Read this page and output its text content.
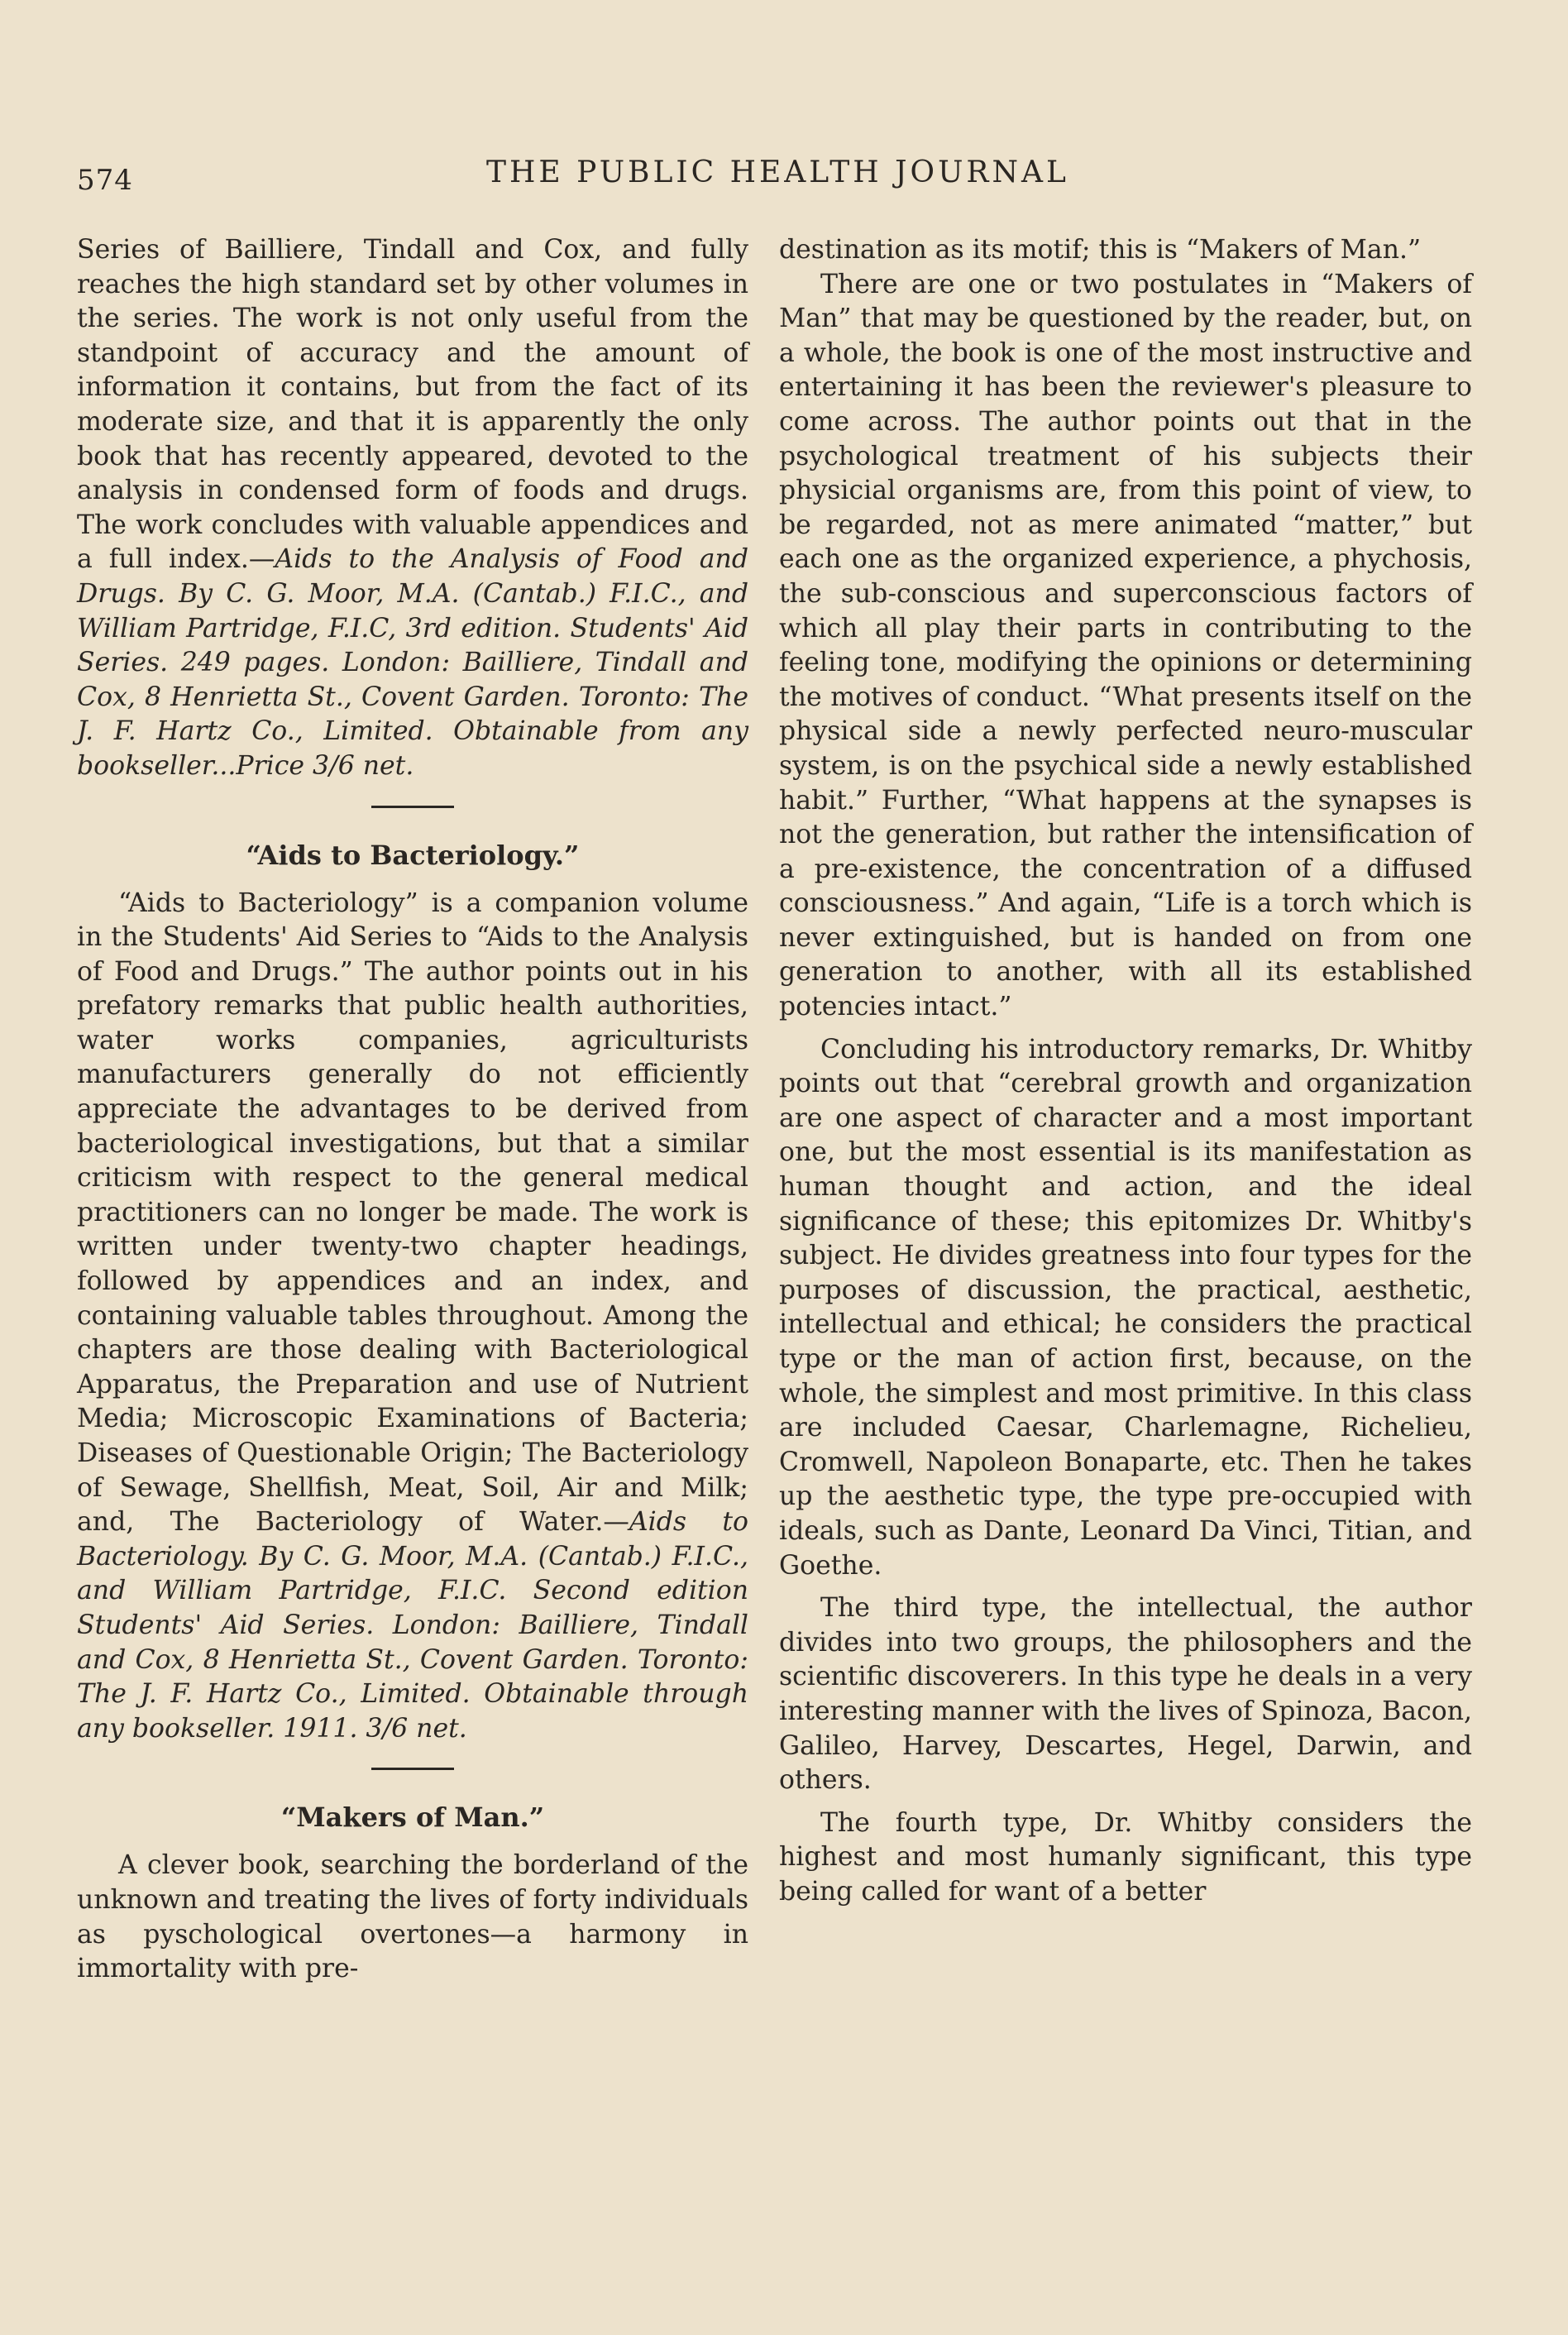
574	THE PUBLIC HEALTH JOURNAL

Series of Bailliere, Tindall and Cox, and fully reaches the high standard set by other volumes in the series. The work is not only useful from the standpoint of accuracy and the amount of information it contains, but from the fact of its moderate size, and that it is apparently the only book that has recently appeared, devoted to the analysis in condensed form of foods and drugs. The work concludes with valuable appendices and a full index.—Aids to the Analysis of Food and Drugs. By C. G. Moor, M.A. (Cantab.) F.I.C., and William Partridge, F.I.C, 3rd edition. Students' Aid Series. 249 pages. London: Bailliere, Tindall and Cox, 8 Henrietta St., Covent Garden. Toronto: The J. F. Hartz Co., Limited. Obtainable from any bookseller...Price 3/6 net.

“Aids to Bacteriology.”

“Aids to Bacteriology” is a companion volume in the Students' Aid Series to “Aids to the Analysis of Food and Drugs.” The author points out in his prefatory remarks that public health authorities, water works companies, agriculturists manufacturers generally do not efficiently appreciate the advantages to be derived from bacteriological investigations, but that a similar criticism with respect to the general medical practitioners can no longer be made. The work is written under twenty-two chapter headings, followed by appendices and an index, and containing valuable tables throughout. Among the chapters are those dealing with Bacteriological Apparatus, the Preparation and use of Nutrient Media; Microscopic Examinations of Bacteria; Diseases of Questionable Origin; The Bacteriology of Sewage, Shellfish, Meat, Soil, Air and Milk; and, The Bacteriology of Water.—Aids to Bacteriology. By C. G. Moor, M.A. (Cantab.) F.I.C., and William Partridge, F.I.C. Second edition Students' Aid Series. London: Bailliere, Tindall and Cox, 8 Henrietta St., Covent Garden. Toronto: The J. F. Hartz Co., Limited. Obtainable through any bookseller. 1911. 3/6 net.

“Makers of Man.”

A clever book, searching the borderland of the unknown and treating the lives of forty individuals as pyschological overtones—a harmony in immortality with pre-

destination as its motif; this is “Makers of Man.”

There are one or two postulates in “Makers of Man” that may be questioned by the reader, but, on a whole, the book is one of the most instructive and entertaining it has been the reviewer's pleasure to come across. The author points out that in the psychological treatment of his subjects their physicial organisms are, from this point of view, to be regarded, not as mere animated “matter,” but each one as the organized experience, a phychosis, the sub-conscious and superconscious factors of which all play their parts in contributing to the feeling tone, modifying the opinions or determining the motives of conduct. “What presents itself on the physical side a newly perfected neuro-muscular system, is on the psychical side a newly established habit.” Further, “What happens at the synapses is not the generation, but rather the intensification of a pre-existence, the concentration of a diffused consciousness.” And again, “Life is a torch which is never extinguished, but is handed on from one generation to another, with all its established potencies intact.”

Concluding his introductory remarks, Dr. Whitby points out that “cerebral growth and organization are one aspect of character and a most important one, but the most essential is its manifestation as human thought and action, and the ideal significance of these; this epitomizes Dr. Whitby's subject. He divides greatness into four types for the purposes of discussion, the practical, aesthetic, intellectual and ethical; he considers the practical type or the man of action first, because, on the whole, the simplest and most primitive. In this class are included Caesar, Charlemagne, Richelieu, Cromwell, Napoleon Bonaparte, etc. Then he takes up the aesthetic type, the type pre-occupied with ideals, such as Dante, Leonard Da Vinci, Titian, and Goethe.

The third type, the intellectual, the author divides into two groups, the philosophers and the scientific discoverers. In this type he deals in a very interesting manner with the lives of Spinoza, Bacon, Galileo, Harvey, Descartes, Hegel, Darwin, and others.

The fourth type, Dr. Whitby considers the highest and most humanly significant, this type being called for want of a better
